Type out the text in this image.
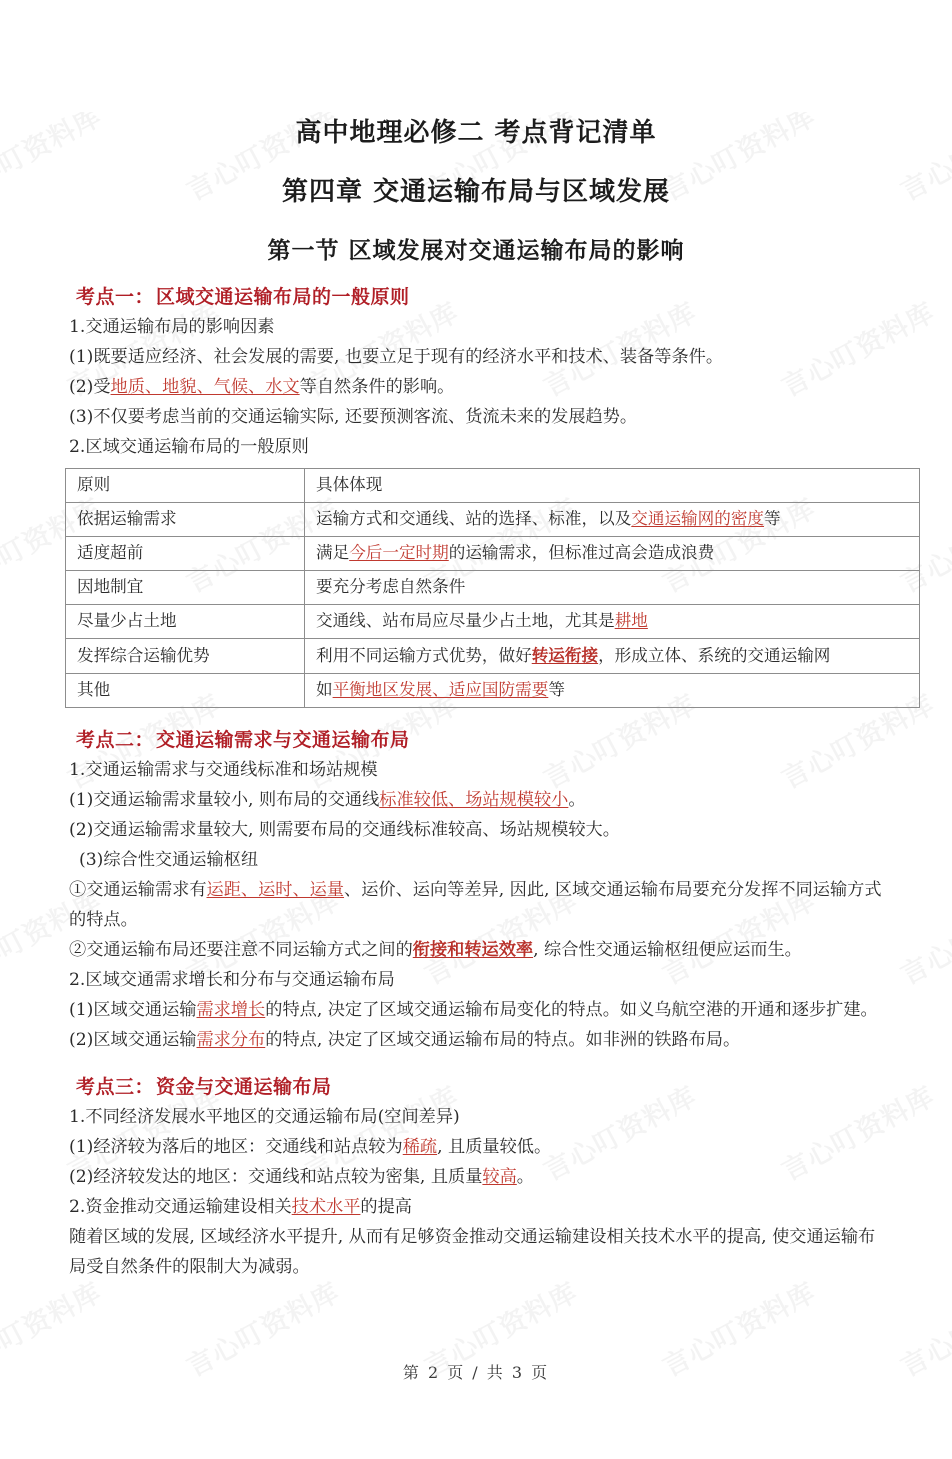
高中地理必修二 考点背记清单
第四章 交通运输布局与区域发展
第一节 区域发展对交通运输布局的影响
考点一： 区域交通运输布局的一般原则

1.交通运输布局的影响因素

(1)既要适应经济、社会发展的需要, 也要立足于现有的经济水平和技术、装备等条件。

(2)受地质、地貌、气候、水文等自然条件的影响。

(3)不仅要考虑当前的交通运输实际, 还要预测客流、货流未来的发展趋势。

2.区域交通运输布局的一般原则

原则	具体体现
依据运输需求	运输方式和交通线、站的选择、标准，以及交通运输网的密度等
适度超前	满足今后一定时期的运输需求，但标准过高会造成浪费
因地制宜	要充分考虑自然条件
尽量少占土地	交通线、站布局应尽量少占土地，尤其是耕地
发挥综合运输优势	利用不同运输方式优势，做好转运衔接，形成立体、系统的交通运输网
其他	如平衡地区发展、适应国防需要等
考点二： 交通运输需求与交通运输布局

1.交通运输需求与交通线标准和场站规模

(1)交通运输需求量较小, 则布局的交通线标准较低、场站规模较小。

(2)交通运输需求量较大, 则需要布局的交通线标准较高、场站规模较大。

(3)综合性交通运输枢纽

①交通运输需求有运距、运时、运量、运价、运向等差异, 因此, 区域交通运输布局要充分发挥不同运输方式的特点。

②交通运输布局还要注意不同运输方式之间的衔接和转运效率, 综合性交通运输枢纽便应运而生。

2.区域交通需求增长和分布与交通运输布局

(1)区域交通运输需求增长的特点, 决定了区域交通运输布局变化的特点。如义乌航空港的开通和逐步扩建。

(2)区域交通运输需求分布的特点, 决定了区域交通运输布局的特点。如非洲的铁路布局。

考点三： 资金与交通运输布局

1.不同经济发展水平地区的交通运输布局(空间差异)

(1)经济较为落后的地区：交通线和站点较为稀疏, 且质量较低。

(2)经济较发达的地区：交通线和站点较为密集, 且质量较高。

2.资金推动交通运输建设相关技术水平的提高

随着区域的发展, 区域经济水平提升, 从而有足够资金推动交通运输建设相关技术水平的提高, 使交通运输布局受自然条件的限制大为减弱。

第 2 页 / 共 3 页
